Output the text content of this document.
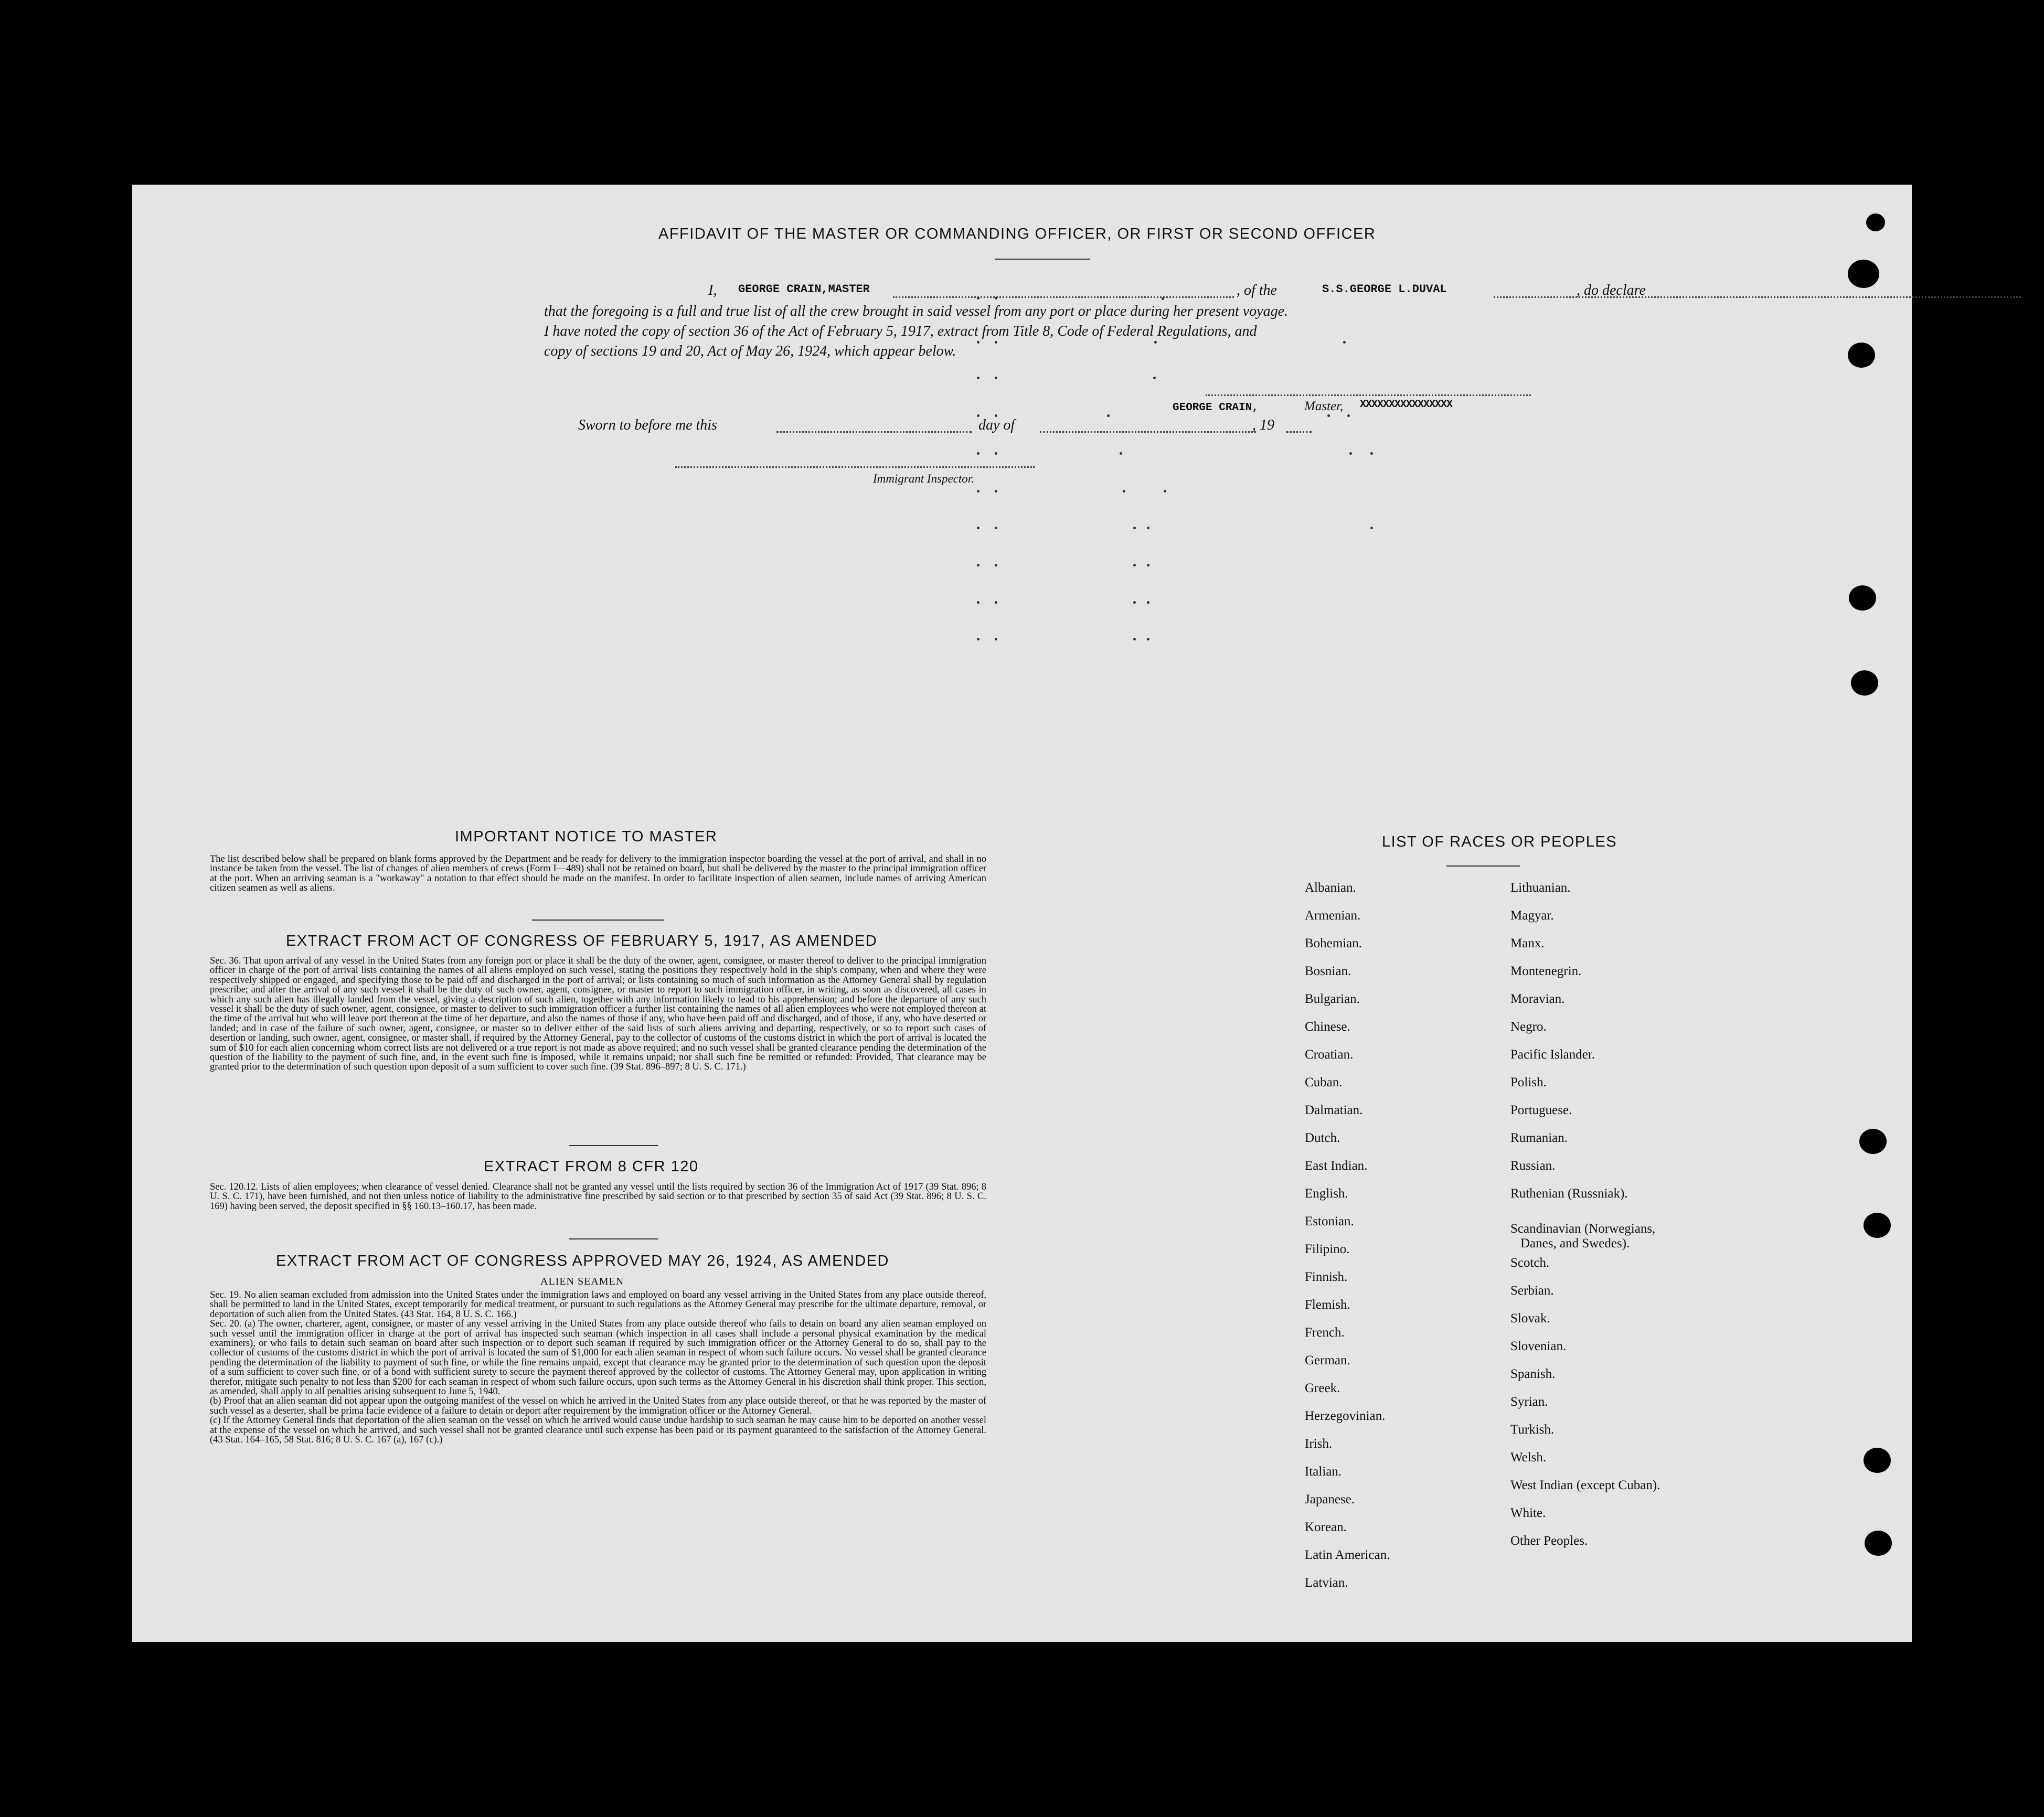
AFFIDAVIT OF THE MASTER OR COMMANDING OFFICER, OR FIRST OR SECOND OFFICER
I, GEORGE CRAIN,MASTER	, of the	S.S.GEORGE L.DUVAL	, do declare
that the foregoing is a full and true list of all the crew brought in said vessel from any port or place during her present voyage.
I have noted the copy of section 36 of the Act of February 5, 1917, extract from Title 8, Code of Federal Regulations, and
copy of sections 19 and 20, Act of May 26, 1924, which appear below.
GEORGE CRAIN,	Master, XXXXXXXXXXXXXXXX
Sworn to before me this	day of	, 19
Immigrant Inspector.
IMPORTANT NOTICE TO MASTER
The list described below shall be prepared on blank forms approved by the Department and be ready for delivery to the immigration inspector boarding the vessel at the port of arrival, and shall in no instance be taken from the vessel. The list of changes of alien members of crews (Form I—489) shall not be retained on board, but shall be delivered by the master to the principal immigration officer at the port. When an arriving seaman is a "workaway" a notation to that effect should be made on the manifest. In order to facilitate inspection of alien seamen, include names of arriving American citizen seamen as well as aliens.
EXTRACT FROM ACT OF CONGRESS OF FEBRUARY 5, 1917, AS AMENDED
Sec. 36. That upon arrival of any vessel in the United States from any foreign port or place it shall be the duty of the owner, agent, consignee, or master thereof to deliver to the principal immigration officer in charge of the port of arrival lists containing the names of all aliens employed on such vessel, stating the positions they respectively hold in the ship's company, when and where they were respectively shipped or engaged, and specifying those to be paid off and discharged in the port of arrival; or lists containing so much of such information as the Attorney General shall by regulation prescribe; and after the arrival of any such vessel it shall be the duty of such owner, agent, consignee, or master to report to such immigration officer, in writing, as soon as discovered, all cases in which any such alien has illegally landed from the vessel, giving a description of such alien, together with any information likely to lead to his apprehension; and before the departure of any such vessel it shall be the duty of such owner, agent, consignee, or master to deliver to such immigration officer a further list containing the names of all alien employees who were not employed thereon at the time of the arrival but who will leave port thereon at the time of her departure, and also the names of those if any, who have been paid off and discharged, and of those, if any, who have deserted or landed; and in case of the failure of such owner, agent, consignee, or master so to deliver either of the said lists of such aliens arriving and departing, respectively, or so to report such cases of desertion or landing, such owner, agent, consignee, or master shall, if required by the Attorney General, pay to the collector of customs of the customs district in which the port of arrival is located the sum of $10 for each alien concerning whom correct lists are not delivered or a true report is not made as above required; and no such vessel shall be granted clearance pending the determination of the question of the liability to the payment of such fine, and, in the event such fine is imposed, while it remains unpaid; nor shall such fine be remitted or refunded: Provided, That clearance may be granted prior to the determination of such question upon deposit of a sum sufficient to cover such fine. (39 Stat. 896–897; 8 U. S. C. 171.)
EXTRACT FROM 8 CFR 120
Sec. 120.12. Lists of alien employees; when clearance of vessel denied. Clearance shall not be granted any vessel until the lists required by section 36 of the Immigration Act of 1917 (39 Stat. 896; 8 U. S. C. 171), have been furnished, and not then unless notice of liability to the administrative fine prescribed by said section or to that prescribed by section 35 of said Act (39 Stat. 896; 8 U. S. C. 169) having been served, the deposit specified in §§ 160.13–160.17, has been made.
EXTRACT FROM ACT OF CONGRESS APPROVED MAY 26, 1924, AS AMENDED
ALIEN SEAMEN
Sec. 19. No alien seaman excluded from admission into the United States under the immigration laws and employed on board any vessel arriving in the United States from any place outside thereof, shall be permitted to land in the United States, except temporarily for medical treatment, or pursuant to such regulations as the Attorney General may prescribe for the ultimate departure, removal, or deportation of such alien from the United States. (43 Stat. 164, 8 U. S. C. 166.)
Sec. 20. (a) The owner, charterer, agent, consignee, or master of any vessel arriving in the United States from any place outside thereof who fails to detain on board any alien seaman employed on such vessel until the immigration officer in charge at the port of arrival has inspected such seaman (which inspection in all cases shall include a personal physical examination by the medical examiners), or who fails to detain such seaman on board after such inspection or to deport such seaman if required by such immigration officer or the Attorney General to do so, shall pay to the collector of customs of the customs district in which the port of arrival is located the sum of $1,000 for each alien seaman in respect of whom such failure occurs. No vessel shall be granted clearance pending the determination of the liability to payment of such fine, or while the fine remains unpaid, except that clearance may be granted prior to the determination of such question upon the deposit of a sum sufficient to cover such fine, or of a bond with sufficient surety to secure the payment thereof approved by the collector of customs. The Attorney General may, upon application in writing therefor, mitigate such penalty to not less than $200 for each seaman in respect of whom such failure occurs, upon such terms as the Attorney General in his discretion shall think proper. This section, as amended, shall apply to all penalties arising subsequent to June 5, 1940.
(b) Proof that an alien seaman did not appear upon the outgoing manifest of the vessel on which he arrived in the United States from any place outside thereof, or that he was reported by the master of such vessel as a deserter, shall be prima facie evidence of a failure to detain or deport after requirement by the immigration officer or the Attorney General.
(c) If the Attorney General finds that deportation of the alien seaman on the vessel on which he arrived would cause undue hardship to such seaman he may cause him to be deported on another vessel at the expense of the vessel on which he arrived, and such vessel shall not be granted clearance until such expense has been paid or its payment guaranteed to the satisfaction of the Attorney General. (43 Stat. 164–165, 58 Stat. 816; 8 U. S. C. 167 (a), 167 (c).)
LIST OF RACES OR PEOPLES
Albanian.
Armenian.
Bohemian.
Bosnian.
Bulgarian.
Chinese.
Croatian.
Cuban.
Dalmatian.
Dutch.
East Indian.
English.
Estonian.
Filipino.
Finnish.
Flemish.
French.
German.
Greek.
Herzegovinian.
Irish.
Italian.
Japanese.
Korean.
Latin American.
Latvian.
Lithuanian.
Magyar.
Manx.
Montenegrin.
Moravian.
Negro.
Pacific Islander.
Polish.
Portuguese.
Rumanian.
Russian.
Ruthenian (Russniak).
Scandinavian (Norwegians,
Danes, and Swedes).
Scotch.
Serbian.
Slovak.
Slovenian.
Spanish.
Syrian.
Turkish.
Welsh.
West Indian (except Cuban).
White.
Other Peoples.
